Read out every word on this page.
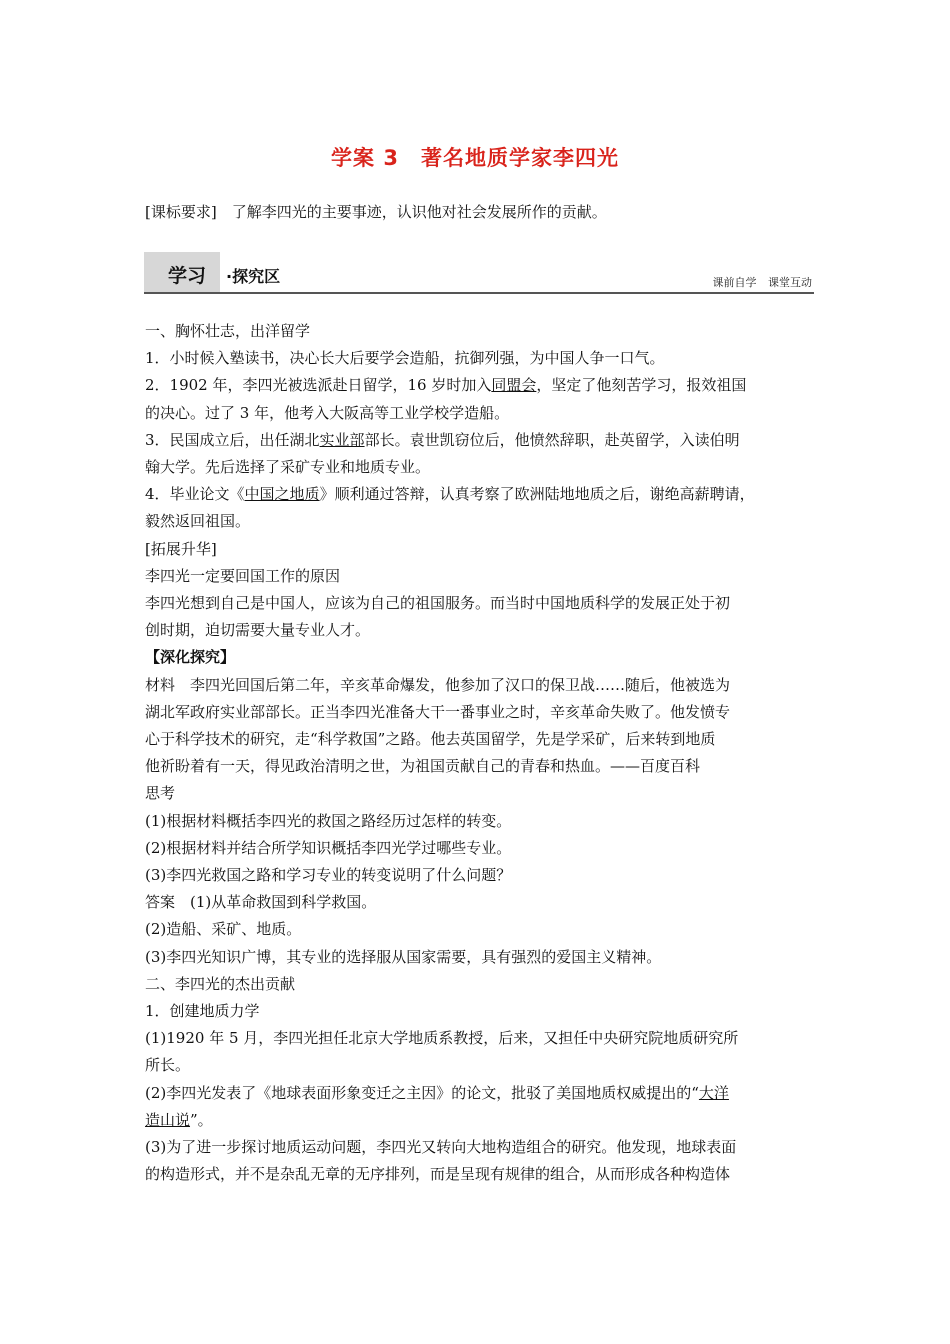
学案 3　著名地质学家李四光
[课标要求]　了解李四光的主要事迹，认识他对社会发展所作的贡献。
学习 ·探究区	课前自学 课堂互动

一、胸怀壮志，出洋留学

1．小时候入塾读书，决心长大后要学会造船，抗御列强，为中国人争一口气。

2．1902 年，李四光被选派赴日留学，16 岁时加入同盟会，坚定了他刻苦学习，报效祖国

的决心。过了 3 年，他考入大阪高等工业学校学造船。

3．民国成立后，出任湖北实业部部长。袁世凯窃位后，他愤然辞职，赴英留学，入读伯明

翰大学。先后选择了采矿专业和地质专业。

4．毕业论文《中国之地质》顺利通过答辩，认真考察了欧洲陆地地质之后，谢绝高薪聘请，

毅然返回祖国。

[拓展升华]

李四光一定要回国工作的原因

李四光想到自己是中国人，应该为自己的祖国服务。而当时中国地质科学的发展正处于初

创时期，迫切需要大量专业人才。

【深化探究】

材料　李四光回国后第二年，辛亥革命爆发，他参加了汉口的保卫战……随后，他被选为

湖北军政府实业部部长。正当李四光准备大干一番事业之时，辛亥革命失败了。他发愤专

心于科学技术的研究，走“科学救国”之路。他去英国留学，先是学采矿，后来转到地质

他祈盼着有一天，得见政治清明之世，为祖国贡献自己的青春和热血。——百度百科

思考

(1)根据材料概括李四光的救国之路经历过怎样的转变。

(2)根据材料并结合所学知识概括李四光学过哪些专业。

(3)李四光救国之路和学习专业的转变说明了什么问题？

答案　(1)从革命救国到科学救国。

(2)造船、采矿、地质。

(3)李四光知识广博，其专业的选择服从国家需要，具有强烈的爱国主义精神。

二、李四光的杰出贡献

1．创建地质力学

(1)1920 年 5 月，李四光担任北京大学地质系教授，后来，又担任中央研究院地质研究所

所长。

(2)李四光发表了《地球表面形象变迁之主因》的论文，批驳了美国地质权威提出的“大洋

造山说”。

(3)为了进一步探讨地质运动问题，李四光又转向大地构造组合的研究。他发现，地球表面

的构造形式，并不是杂乱无章的无序排列，而是呈现有规律的组合，从而形成各种构造体
